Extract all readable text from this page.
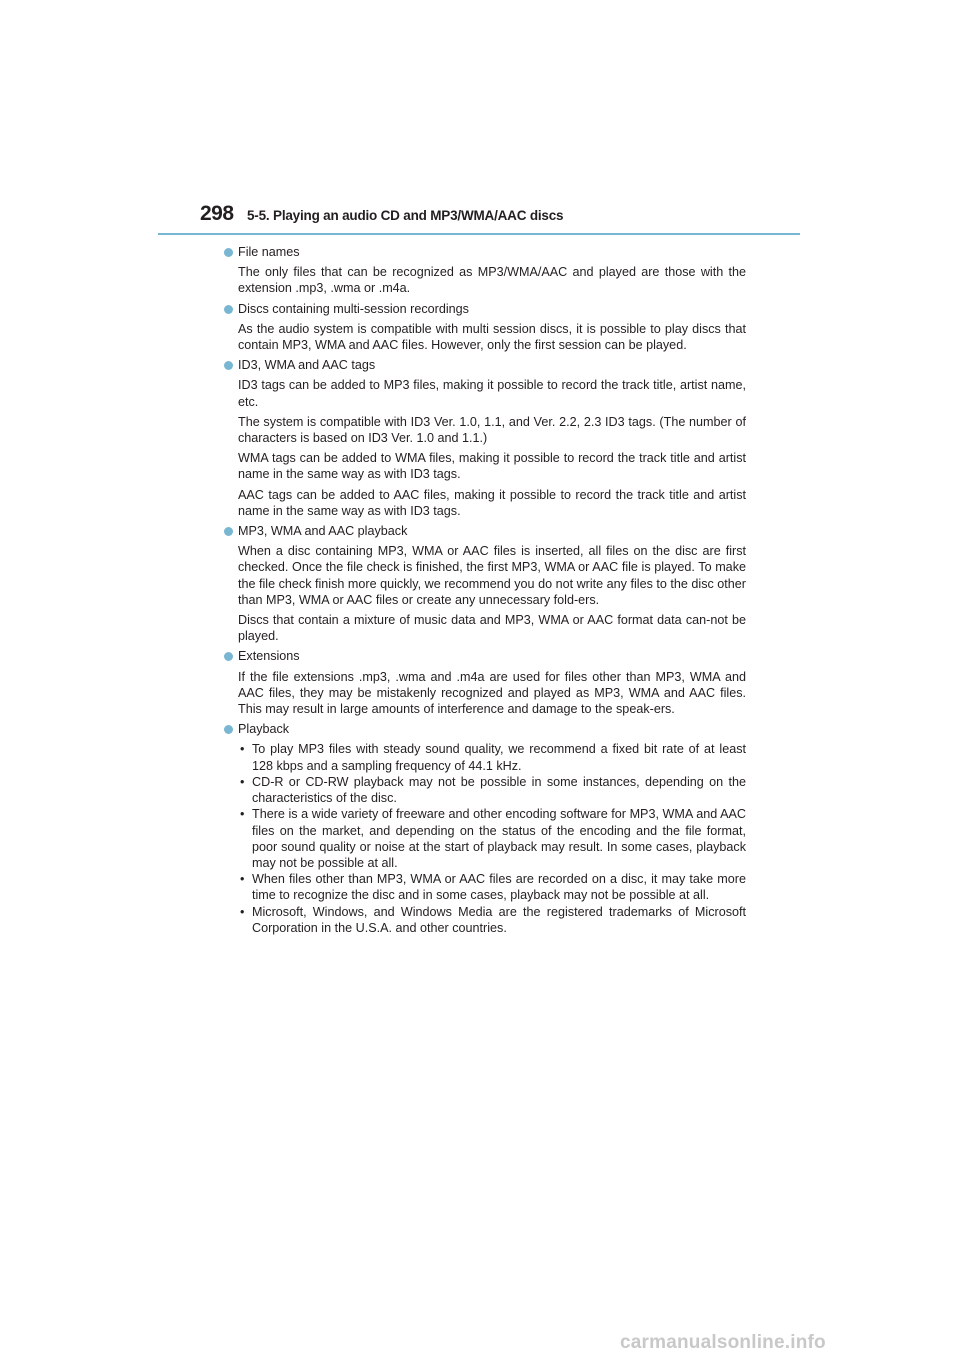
298 5-5. Playing an audio CD and MP3/WMA/AAC discs
File names

The only files that can be recognized as MP3/WMA/AAC and played are those with the extension .mp3, .wma or .m4a.

Discs containing multi-session recordings

As the audio system is compatible with multi session discs, it is possible to play discs that contain MP3, WMA and AAC files. However, only the first session can be played.

ID3, WMA and AAC tags

ID3 tags can be added to MP3 files, making it possible to record the track title, artist name, etc.

The system is compatible with ID3 Ver. 1.0, 1.1, and Ver. 2.2, 2.3 ID3 tags. (The number of characters is based on ID3 Ver. 1.0 and 1.1.)

WMA tags can be added to WMA files, making it possible to record the track title and artist name in the same way as with ID3 tags.

AAC tags can be added to AAC files, making it possible to record the track title and artist name in the same way as with ID3 tags.

MP3, WMA and AAC playback

When a disc containing MP3, WMA or AAC files is inserted, all files on the disc are first checked. Once the file check is finished, the first MP3, WMA or AAC file is played. To make the file check finish more quickly, we recommend you do not write any files to the disc other than MP3, WMA or AAC files or create any unnecessary fold-ers.

Discs that contain a mixture of music data and MP3, WMA or AAC format data can-not be played.

Extensions

If the file extensions .mp3, .wma and .m4a are used for files other than MP3, WMA and AAC files, they may be mistakenly recognized and played as MP3, WMA and AAC files. This may result in large amounts of interference and damage to the speak-ers.

Playback
• To play MP3 files with steady sound quality, we recommend a fixed bit rate of at least 128 kbps and a sampling frequency of 44.1 kHz.
• CD-R or CD-RW playback may not be possible in some instances, depending on the characteristics of the disc.
• There is a wide variety of freeware and other encoding software for MP3, WMA and AAC files on the market, and depending on the status of the encoding and the file format, poor sound quality or noise at the start of playback may result. In some cases, playback may not be possible at all.
• When files other than MP3, WMA or AAC files are recorded on a disc, it may take more time to recognize the disc and in some cases, playback may not be possible at all.
• Microsoft, Windows, and Windows Media are the registered trademarks of Microsoft Corporation in the U.S.A. and other countries.
carmanualsonline.info
